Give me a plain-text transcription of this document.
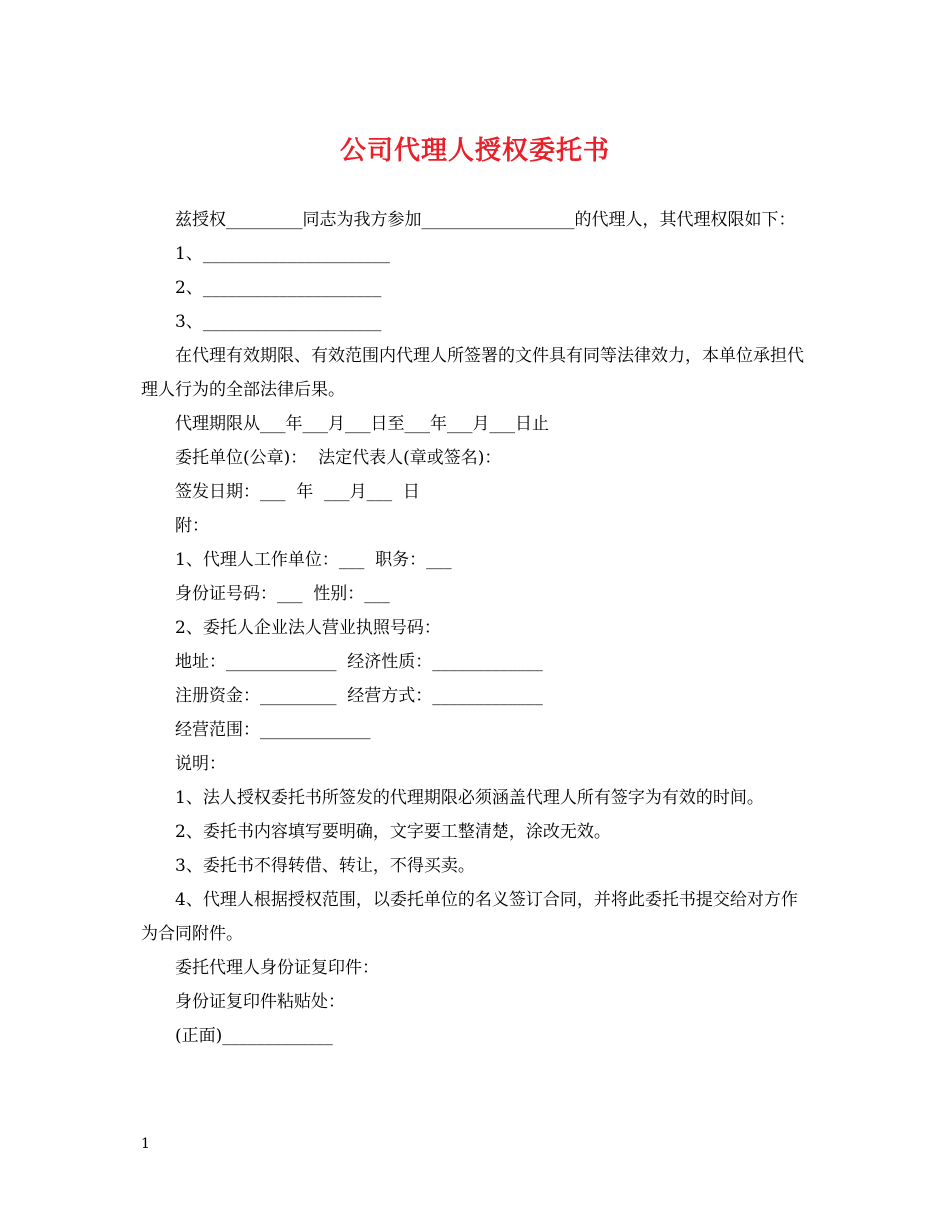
公司代理人授权委托书

兹授权_________同志为我方参加__________________的代理人，其代理权限如下：

1、______________________

2、_____________________

3、_____________________

在代理有效期限、有效范围内代理人所签署的文件具有同等法律效力，本单位承担代理人行为的全部法律后果。

代理期限从___年___月___日至___年___月___日止

委托单位(公章)：  法定代表人(章或签名)：

签发日期：___  年  ___月___  日

附：

1、代理人工作单位：___  职务：___

身份证号码：___  性别：___

2、委托人企业法人营业执照号码：

地址：_____________  经济性质：_____________

注册资金：_________  经营方式：_____________

经营范围：_____________

说明：

1、法人授权委托书所签发的代理期限必须涵盖代理人所有签字为有效的时间。

2、委托书内容填写要明确，文字要工整清楚，涂改无效。

3、委托书不得转借、转让，不得买卖。

4、代理人根据授权范围，以委托单位的名义签订合同，并将此委托书提交给对方作为合同附件。

委托代理人身份证复印件：

身份证复印件粘贴处：

(正面)_____________

1
